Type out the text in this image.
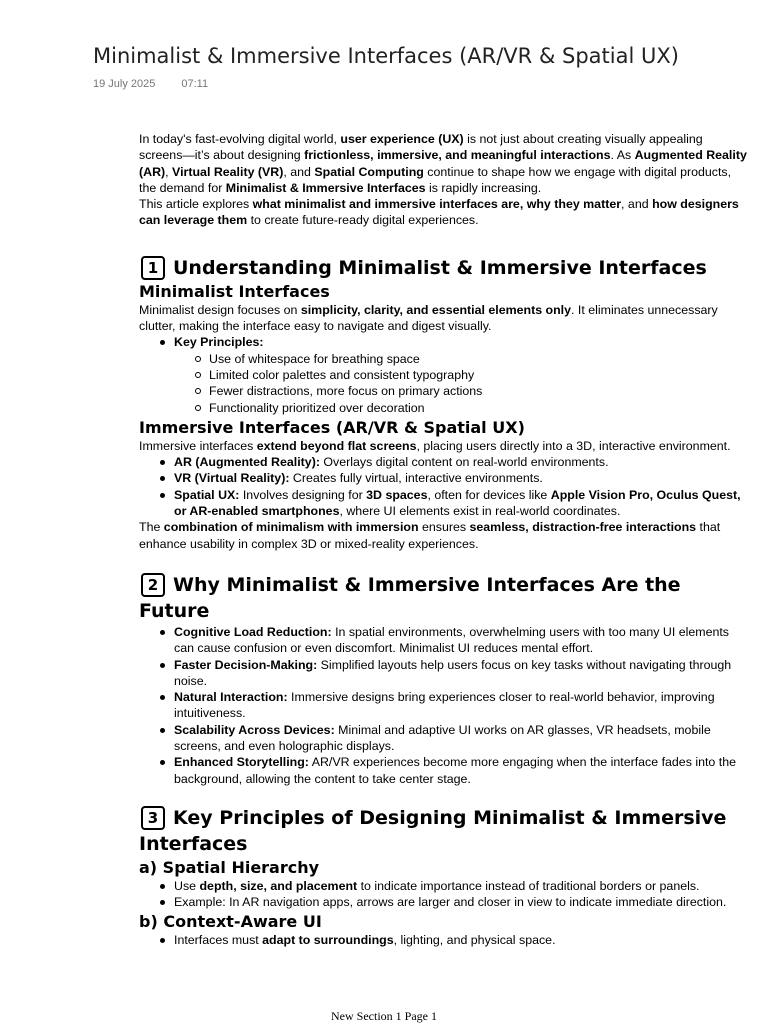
Minimalist & Immersive Interfaces (AR/VR & Spatial UX)
19 July 2025 07:11

In today's fast-evolving digital world, user experience (UX) is not just about creating visually appealing screens—it’s about designing frictionless, immersive, and meaningful interactions. As Augmented Reality (AR), Virtual Reality (VR), and Spatial Computing continue to shape how we engage with digital products, the demand for Minimalist & Immersive Interfaces is rapidly increasing.

This article explores what minimalist and immersive interfaces are, why they matter, and how designers can leverage them to create future-ready digital experiences.

1 Understanding Minimalist & Immersive Interfaces
Minimalist Interfaces

Minimalist design focuses on simplicity, clarity, and essential elements only. It eliminates unnecessary clutter, making the interface easy to navigate and digest visually.

Key Principles:
Use of whitespace for breathing space
Limited color palettes and consistent typography
Fewer distractions, more focus on primary actions
Functionality prioritized over decoration
Immersive Interfaces (AR/VR & Spatial UX)

Immersive interfaces extend beyond flat screens, placing users directly into a 3D, interactive environment.

AR (Augmented Reality): Overlays digital content on real-world environments.
VR (Virtual Reality): Creates fully virtual, interactive environments.
Spatial UX: Involves designing for 3D spaces, often for devices like Apple Vision Pro, Oculus Quest, or AR-enabled smartphones, where UI elements exist in real-world coordinates.

The combination of minimalism with immersion ensures seamless, distraction-free interactions that enhance usability in complex 3D or mixed-reality experiences.

2 Why Minimalist & Immersive Interfaces Are the Future
Cognitive Load Reduction: In spatial environments, overwhelming users with too many UI elements can cause confusion or even discomfort. Minimalist UI reduces mental effort.
Faster Decision-Making: Simplified layouts help users focus on key tasks without navigating through noise.
Natural Interaction: Immersive designs bring experiences closer to real-world behavior, improving intuitiveness.
Scalability Across Devices: Minimal and adaptive UI works on AR glasses, VR headsets, mobile screens, and even holographic displays.
Enhanced Storytelling: AR/VR experiences become more engaging when the interface fades into the background, allowing the content to take center stage.
3 Key Principles of Designing Minimalist & Immersive Interfaces
a) Spatial Hierarchy
Use depth, size, and placement to indicate importance instead of traditional borders or panels.
Example: In AR navigation apps, arrows are larger and closer in view to indicate immediate direction.
b) Context-Aware UI
Interfaces must adapt to surroundings, lighting, and physical space.
New Section 1 Page 1
